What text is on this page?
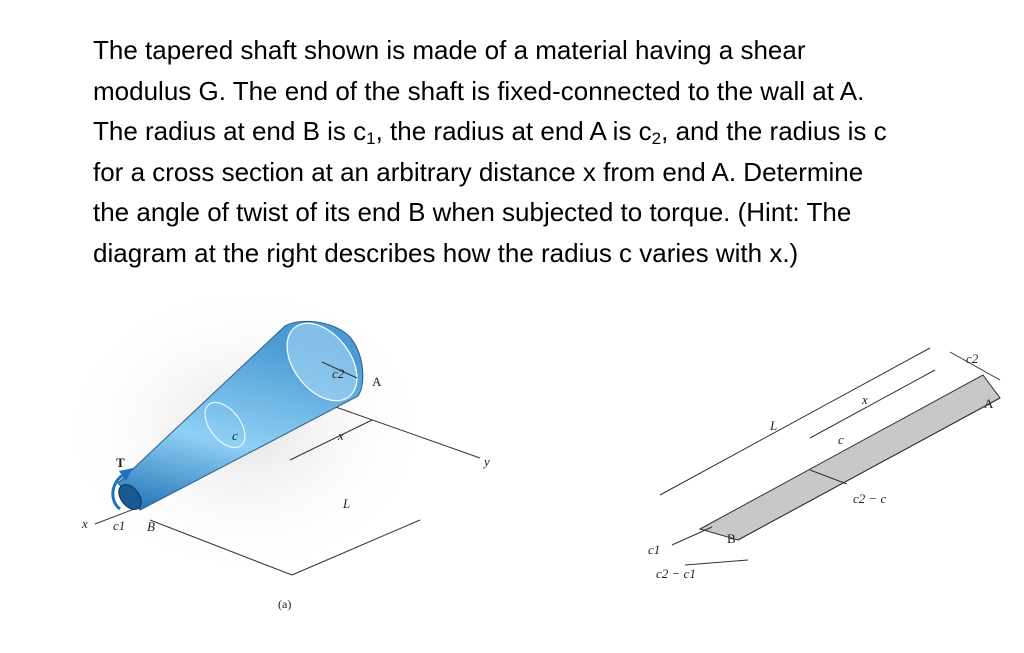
The tapered shaft shown is made of a material having a shear

modulus G. The end of the shaft is fixed-connected to the wall at A.

The radius at end B is $c_1$, the radius at end A is $c_2$, and the radius is c

for a cross section at an arbitrary distance x from end A. Determine

the angle of twist of its end B when subjected to torque. (Hint: The

diagram at the right describes how the radius c varies with x.)

T
c1 B
c
c2
A
x
L
y
x
(a)
c2
A
x
L
c
c2 − c
B
c1
c2 − c1
